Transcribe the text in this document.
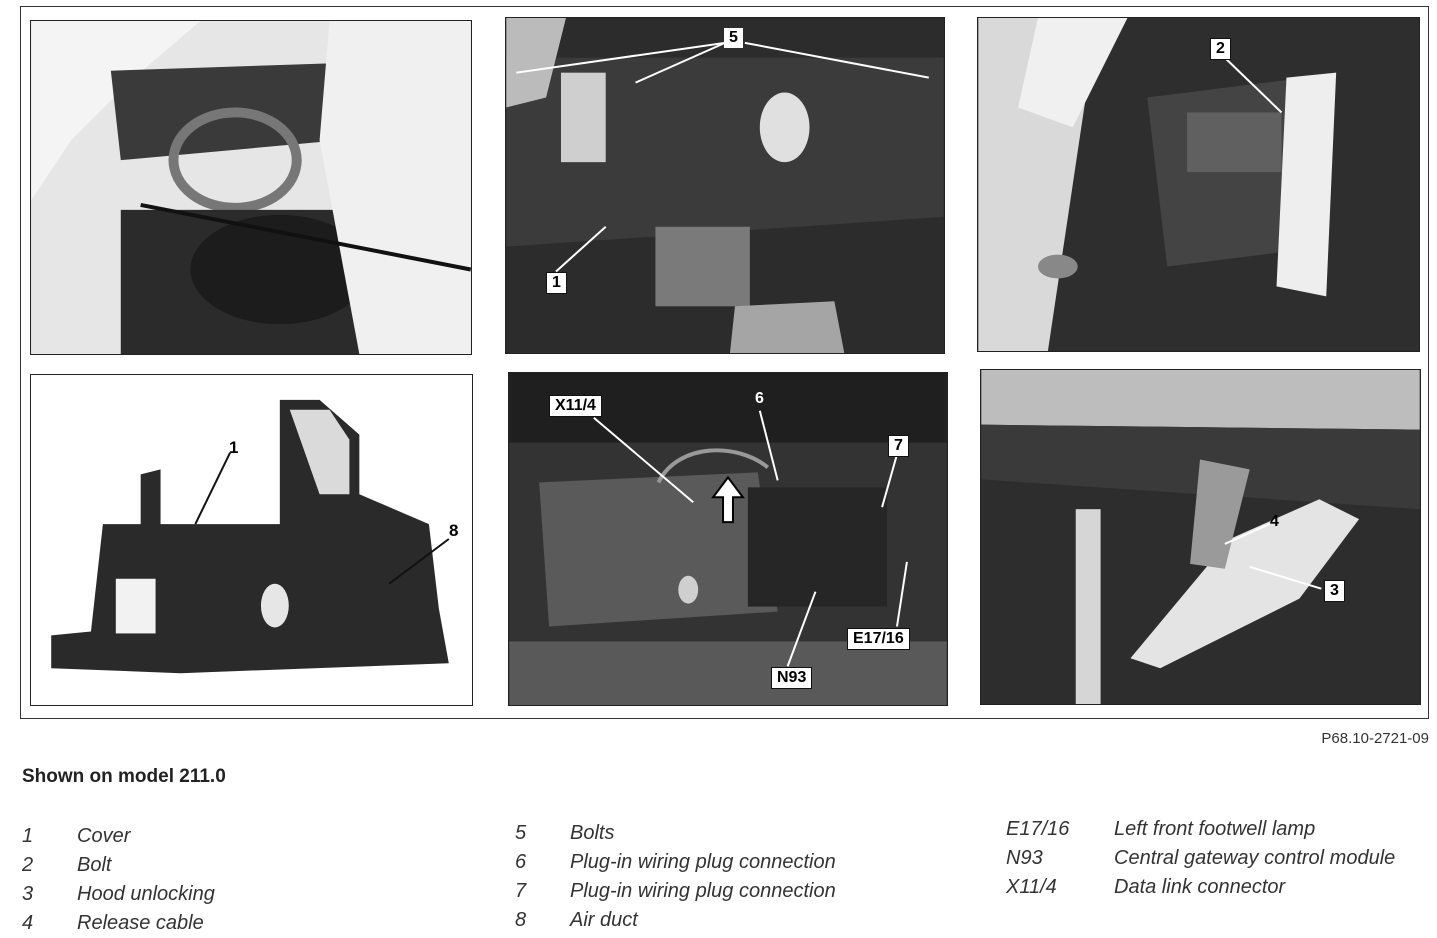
5
1
2
1
8
X11/4	6
7
E17/16
N93
4
3
P68.10-2721-09
Shown on model 211.0
1	Cover
2	Bolt
3	Hood unlocking
4	Release cable
5	Bolts
6	Plug-in wiring plug connection
7	Plug-in wiring plug connection
8	Air duct
E17/16	Left front footwell lamp
N93	Central gateway control module
X11/4	Data link connector
